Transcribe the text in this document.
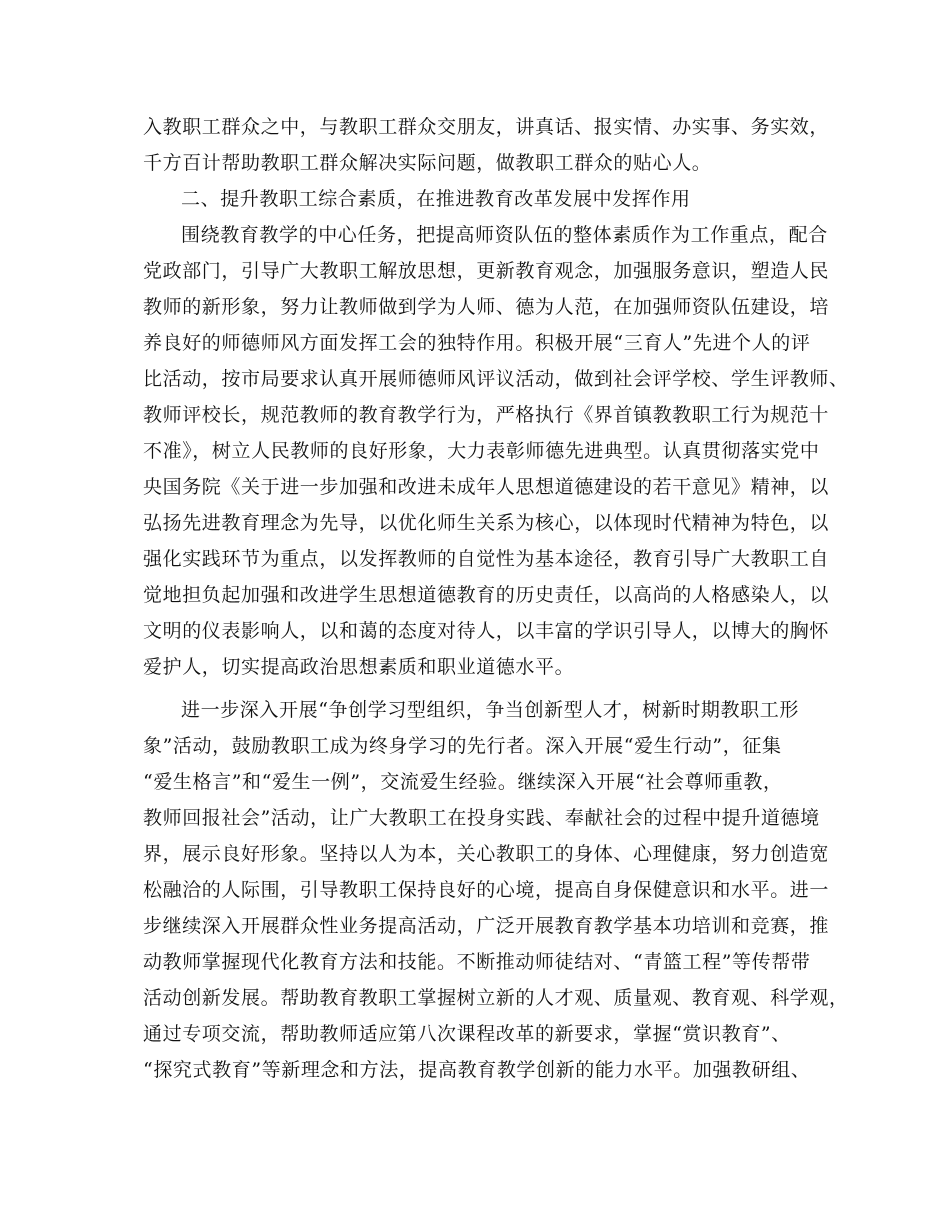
入教职工群众之中，与教职工群众交朋友，讲真话、报实情、办实事、务实效，
千方百计帮助教职工群众解决实际问题，做教职工群众的贴心人。
二、提升教职工综合素质，在推进教育改革发展中发挥作用
围绕教育教学的中心任务，把提高师资队伍的整体素质作为工作重点，配合
党政部门，引导广大教职工解放思想，更新教育观念，加强服务意识，塑造人民
教师的新形象，努力让教师做到学为人师、德为人范，在加强师资队伍建设，培
养良好的师德师风方面发挥工会的独特作用。积极开展“三育人”先进个人的评
比活动，按市局要求认真开展师德师风评议活动，做到社会评学校、学生评教师、
教师评校长，规范教师的教育教学行为，严格执行《界首镇教教职工行为规范十
不准》，树立人民教师的良好形象，大力表彰师德先进典型。认真贯彻落实党中
央国务院《关于进一步加强和改进未成年人思想道德建设的若干意见》精神，以
弘扬先进教育理念为先导，以优化师生关系为核心，以体现时代精神为特色，以
强化实践环节为重点，以发挥教师的自觉性为基本途径，教育引导广大教职工自
觉地担负起加强和改进学生思想道德教育的历史责任，以高尚的人格感染人，以
文明的仪表影响人，以和蔼的态度对待人，以丰富的学识引导人，以博大的胸怀
爱护人，切实提高政治思想素质和职业道德水平。
进一步深入开展“争创学习型组织，争当创新型人才，树新时期教职工形
象”活动，鼓励教职工成为终身学习的先行者。深入开展“爱生行动”，征集
“爱生格言”和“爱生一例”，交流爱生经验。继续深入开展“社会尊师重教，
教师回报社会”活动，让广大教职工在投身实践、奉献社会的过程中提升道德境
界，展示良好形象。坚持以人为本，关心教职工的身体、心理健康，努力创造宽
松融洽的人际围，引导教职工保持良好的心境，提高自身保健意识和水平。进一
步继续深入开展群众性业务提高活动，广泛开展教育教学基本功培训和竞赛，推
动教师掌握现代化教育方法和技能。不断推动师徒结对、“青篮工程”等传帮带
活动创新发展。帮助教育教职工掌握树立新的人才观、质量观、教育观、科学观，
通过专项交流，帮助教师适应第八次课程改革的新要求，掌握“赏识教育”、
“探究式教育”等新理念和方法，提高教育教学创新的能力水平。加强教研组、
